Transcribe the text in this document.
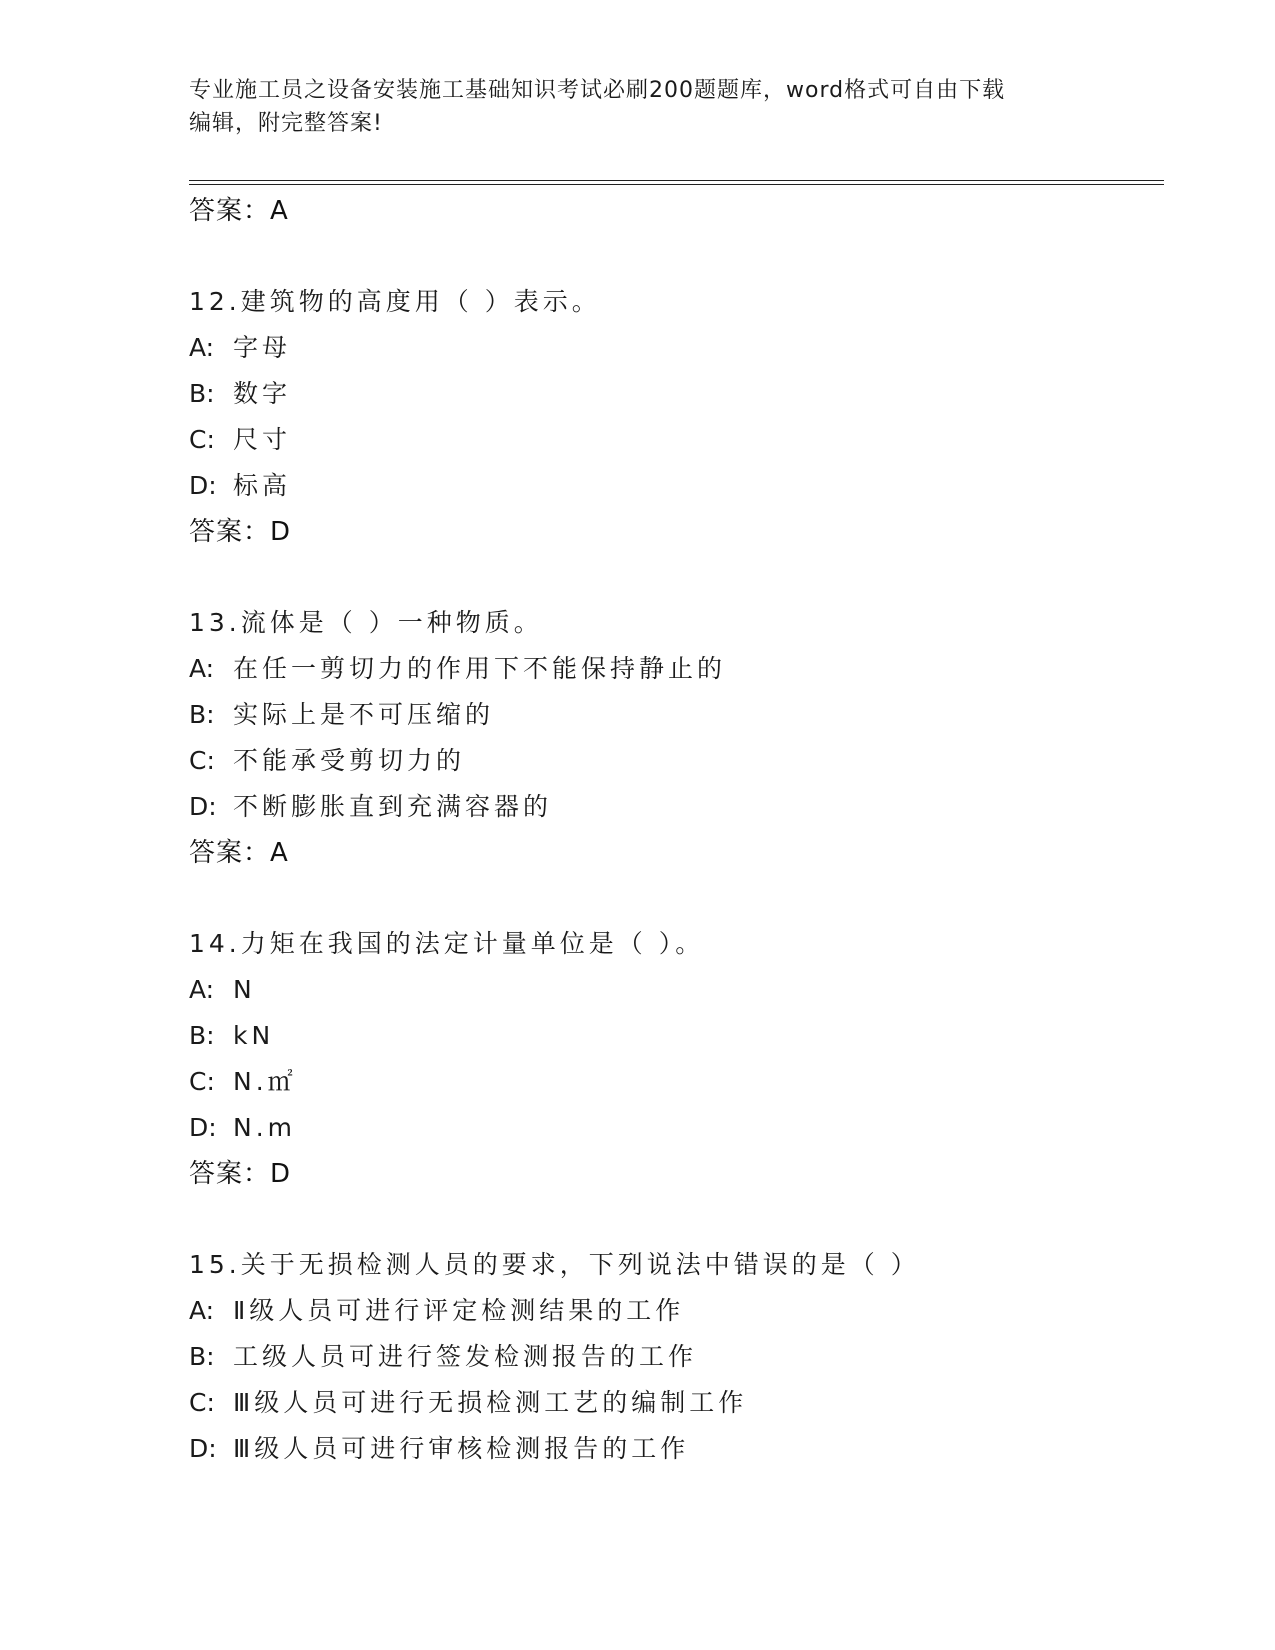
专业施工员之设备安装施工基础知识考试必刷200题题库，word格式可自由下载
编辑，附完整答案!
答案：A
12.建筑物的高度用（ ）表示。
A: 字母
B: 数字
C: 尺寸
D: 标高
答案：D
13.流体是（ ）一种物质。
A: 在任一剪切力的作用下不能保持静止的
B: 实际上是不可压缩的
C: 不能承受剪切力的
D: 不断膨胀直到充满容器的
答案：A
14.力矩在我国的法定计量单位是（ ）。
A: N
B: kN
C: N.㎡
D: N.m
答案：D
15.关于无损检测人员的要求，下列说法中错误的是（ ）
A: Ⅱ级人员可进行评定检测结果的工作
B: 工级人员可进行签发检测报告的工作
C: Ⅲ级人员可进行无损检测工艺的编制工作
D: Ⅲ级人员可进行审核检测报告的工作
